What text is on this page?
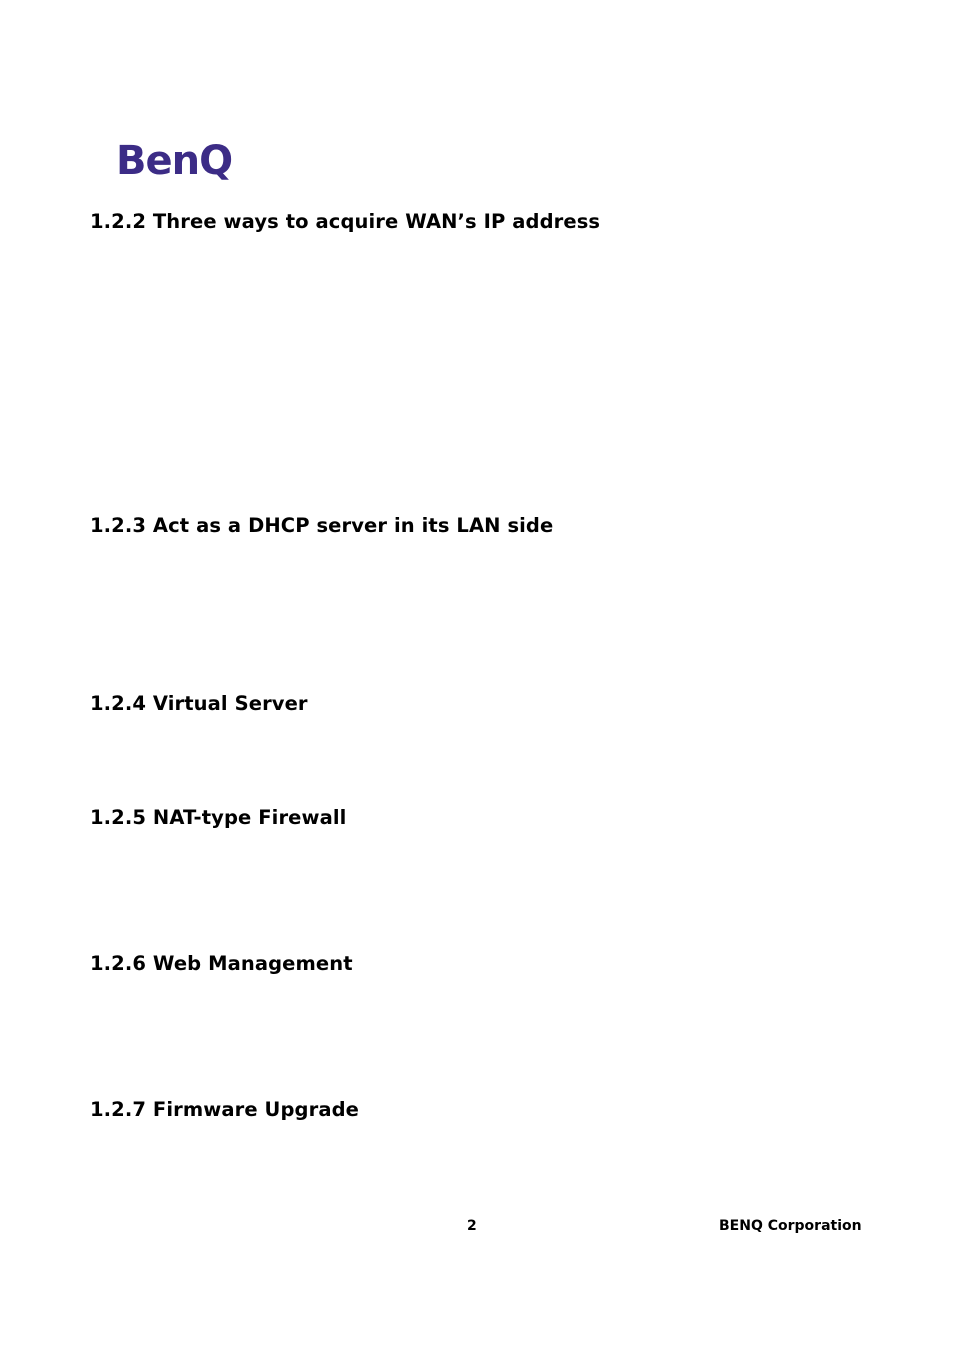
BenQ
1.2.2 Three ways to acquire WAN’s IP address
1.2.3 Act as a DHCP server in its LAN side
1.2.4 Virtual Server
1.2.5 NAT-type Firewall
1.2.6 Web Management
1.2.7 Firmware Upgrade
2	BENQ Corporation
